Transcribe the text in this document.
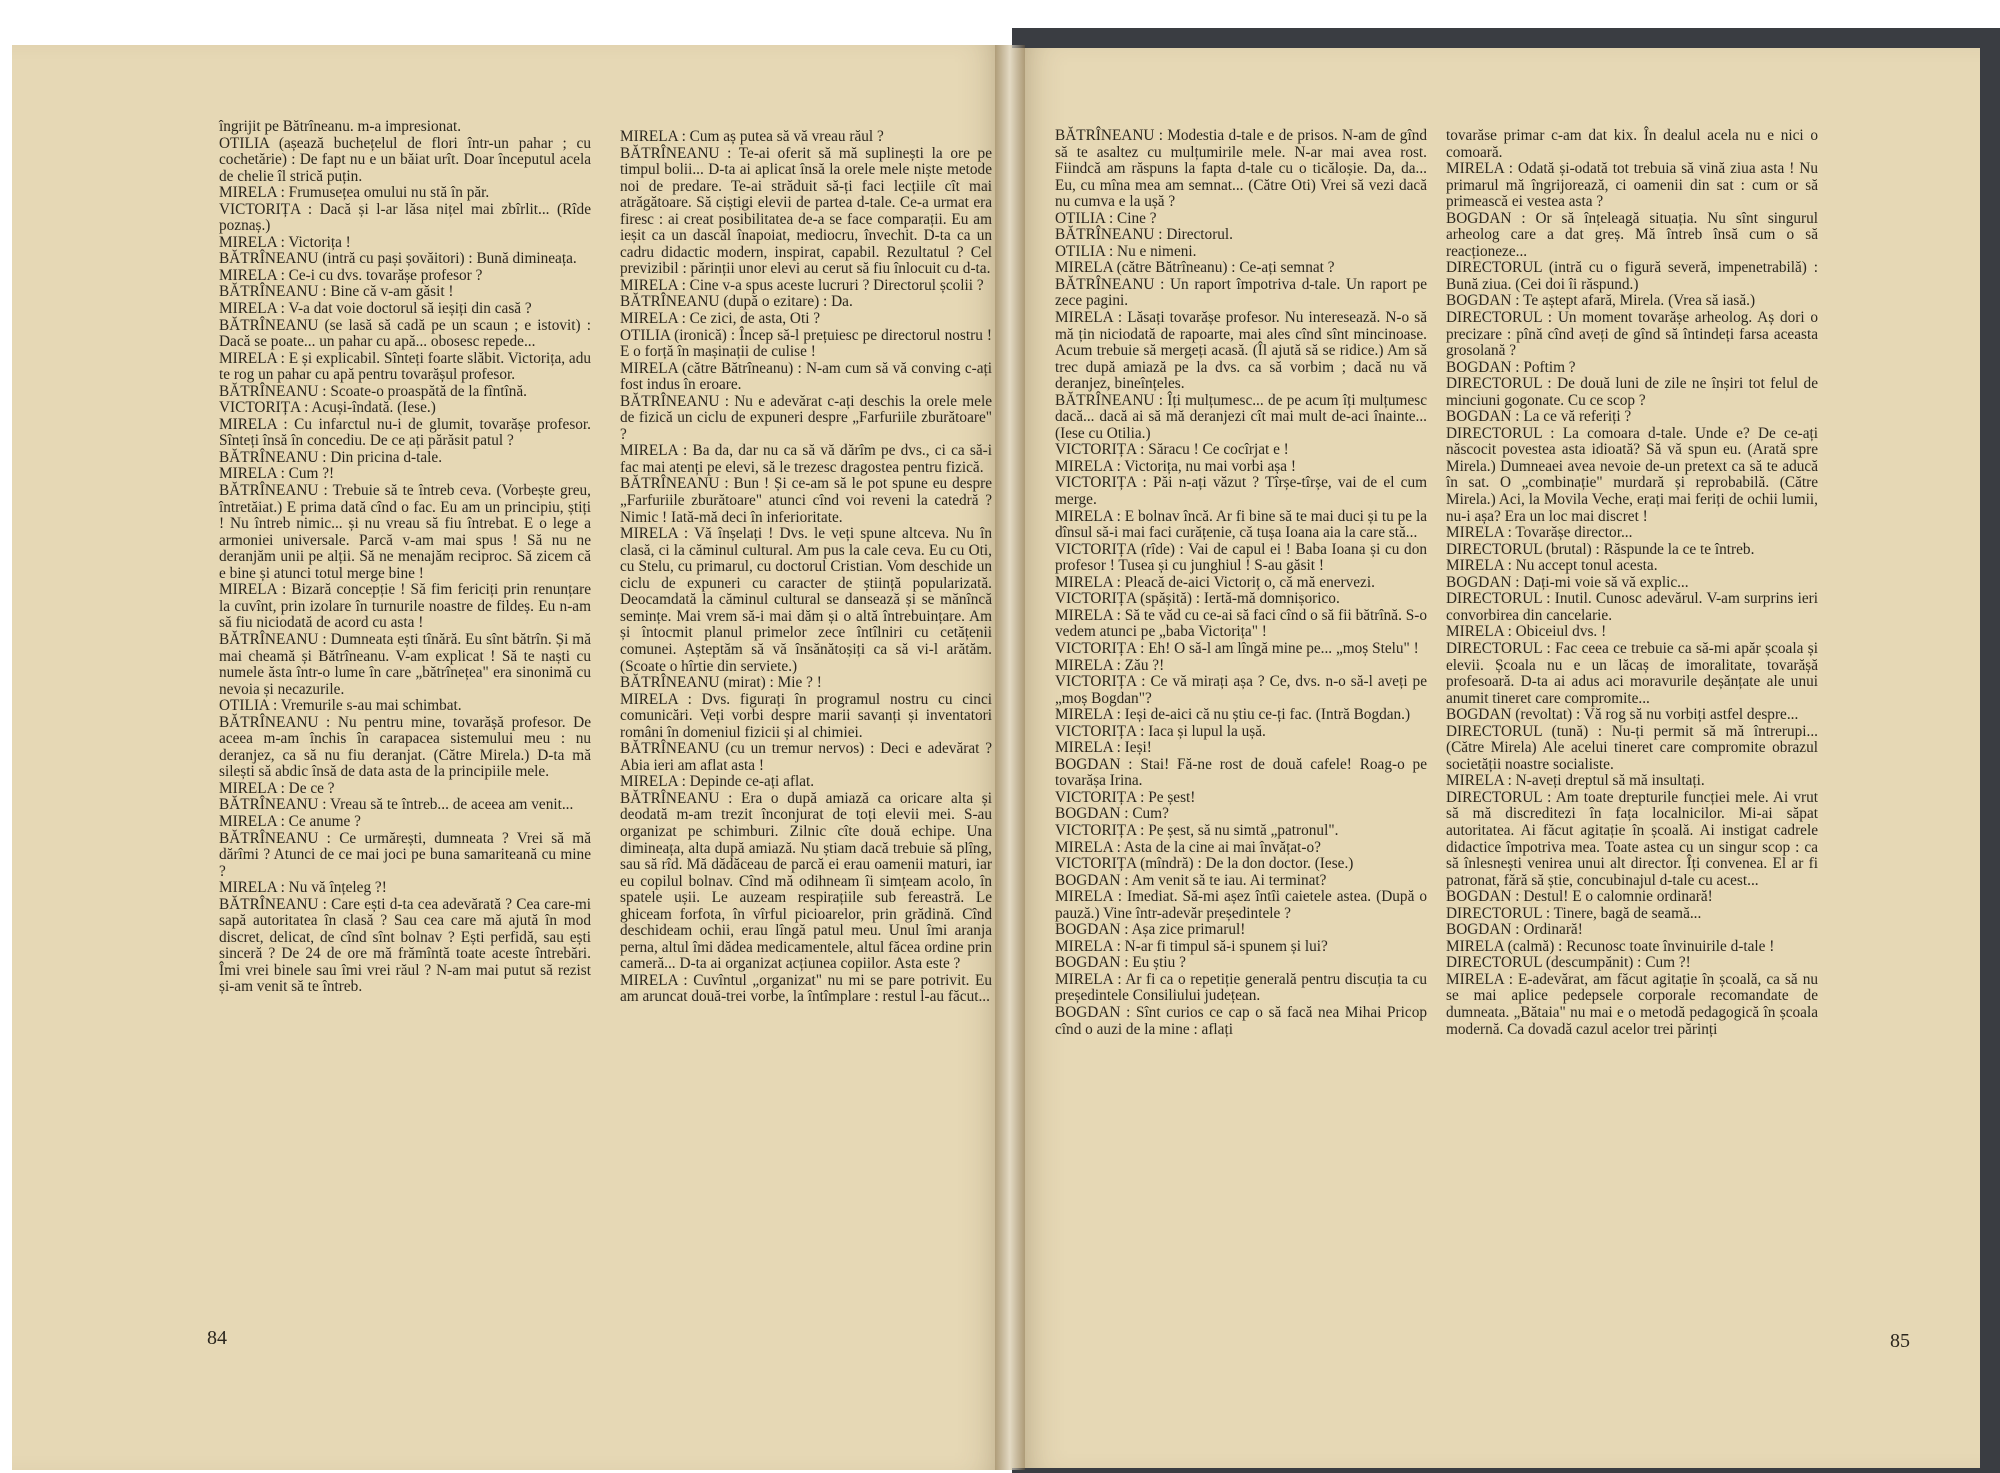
îngrijit pe Bătrîneanu. m-a impresionat.

OTILIA (așează buchețelul de flori într-un pahar ; cu cochetărie) : De fapt nu e un băiat urît. Doar începutul acela de chelie îl strică puțin.

MIRELA : Frumusețea omului nu stă în păr.

VICTORIȚA : Dacă și l-ar lăsa nițel mai zbîrlit... (Rîde poznaș.)

MIRELA : Victorița !

BĂTRÎNEANU (intră cu pași șovăitori) : Bună dimineața.

MIRELA : Ce-i cu dvs. tovarășe profesor ?

BĂTRÎNEANU : Bine că v-am găsit !

MIRELA : V-a dat voie doctorul să ieșiți din casă ?

BĂTRÎNEANU (se lasă să cadă pe un scaun ; e istovit) : Dacă se poate... un pahar cu apă... obosesc repede...

MIRELA : E și explicabil. Sînteți foarte slăbit. Victorița, adu te rog un pahar cu apă pentru tovarășul profesor.

BĂTRÎNEANU : Scoate-o proaspătă de la fîntînă.

VICTORIȚA : Acuși-îndată. (Iese.)

MIRELA : Cu infarctul nu-i de glumit, tovarășe profesor. Sînteți însă în concediu. De ce ați părăsit patul ?

BĂTRÎNEANU : Din pricina d-tale.

MIRELA : Cum ?!

BĂTRÎNEANU : Trebuie să te întreb ceva. (Vorbește greu, întretăiat.) E prima dată cînd o fac. Eu am un principiu, știți ! Nu întreb nimic... și nu vreau să fiu întrebat. E o lege a armoniei universale. Parcă v-am mai spus ! Să nu ne deranjăm unii pe alții. Să ne menajăm reciproc. Să zicem că e bine și atunci totul merge bine !

MIRELA : Bizară concepție ! Să fim fericiți prin renunțare la cuvînt, prin izolare în turnurile noastre de fildeș. Eu n-am să fiu niciodată de acord cu asta !

BĂTRÎNEANU : Dumneata ești tînără. Eu sînt bătrîn. Și mă mai cheamă și Bătrîneanu. V-am explicat ! Să te naști cu numele ăsta într-o lume în care „bătrînețea" era sinonimă cu nevoia și necazurile.

OTILIA : Vremurile s-au mai schimbat.

BĂTRÎNEANU : Nu pentru mine, tovarășă profesor. De aceea m-am închis în carapacea sistemului meu : nu deranjez, ca să nu fiu deranjat. (Către Mirela.) D-ta mă silești să abdic însă de data asta de la principiile mele.

MIRELA : De ce ?

BĂTRÎNEANU : Vreau să te întreb... de aceea am venit...

MIRELA : Ce anume ?

BĂTRÎNEANU : Ce urmărești, dumneata ? Vrei să mă dărîmi ? Atunci de ce mai joci pe buna samariteană cu mine ?

MIRELA : Nu vă înțeleg ?!

BĂTRÎNEANU : Care ești d-ta cea adevărată ? Cea care-mi sapă autoritatea în clasă ? Sau cea care mă ajută în mod discret, delicat, de cînd sînt bolnav ? Ești perfidă, sau ești sinceră ? De 24 de ore mă frămîntă toate aceste întrebări. Îmi vrei binele sau îmi vrei răul ? N-am mai putut să rezist și-am venit să te întreb.

MIRELA : Cum aș putea să vă vreau răul ?

BĂTRÎNEANU : Te-ai oferit să mă suplinești la ore pe timpul bolii... D-ta ai aplicat însă la orele mele niște metode noi de predare. Te-ai străduit să-ți faci lecțiile cît mai atrăgătoare. Să ciștigi elevii de partea d-tale. Ce-a urmat era firesc : ai creat posibilitatea de-a se face comparații. Eu am ieșit ca un dascăl înapoiat, mediocru, învechit. D-ta ca un cadru didactic modern, inspirat, capabil. Rezultatul ? Cel previzibil : părinții unor elevi au cerut să fiu înlocuit cu d-ta.

MIRELA : Cine v-a spus aceste lucruri ? Directorul școlii ?

BĂTRÎNEANU (după o ezitare) : Da.

MIRELA : Ce zici, de asta, Oti ?

OTILIA (ironică) : Încep să-l prețuiesc pe directorul nostru ! E o forță în mașinații de culise !

MIRELA (către Bătrîneanu) : N-am cum să vă conving c-ați fost indus în eroare.

BĂTRÎNEANU : Nu e adevărat c-ați deschis la orele mele de fizică un ciclu de expuneri despre „Farfuriile zburătoare" ?

MIRELA : Ba da, dar nu ca să vă dărîm pe dvs., ci ca să-i fac mai atenți pe elevi, să le trezesc dragostea pentru fizică.

BĂTRÎNEANU : Bun ! Și ce-am să le pot spune eu despre „Farfuriile zburătoare" atunci cînd voi reveni la catedră ? Nimic ! Iată-mă deci în inferioritate.

MIRELA : Vă înșelați ! Dvs. le veți spune altceva. Nu în clasă, ci la căminul cultural. Am pus la cale ceva. Eu cu Oti, cu Stelu, cu primarul, cu doctorul Cristian. Vom deschide un ciclu de expuneri cu caracter de știință popularizată. Deocamdată la căminul cultural se dansează și se mănîncă semințe. Mai vrem să-i mai dăm și o altă întrebuințare. Am și întocmit planul primelor zece întîlniri cu cetățenii comunei. Așteptăm să vă însănătoșiți ca să vi-l arătăm. (Scoate o hîrtie din serviete.)

BĂTRÎNEANU (mirat) : Mie ? !

MIRELA : Dvs. figurați în programul nostru cu cinci comunicări. Veți vorbi despre marii savanți și inventatori români în domeniul fizicii și al chimiei.

BĂTRÎNEANU (cu un tremur nervos) : Deci e adevărat ? Abia ieri am aflat asta !

MIRELA : Depinde ce-ați aflat.

BĂTRÎNEANU : Era o după amiază ca oricare alta și deodată m-am trezit înconjurat de toți elevii mei. S-au organizat pe schimburi. Zilnic cîte două echipe. Una dimineața, alta după amiază. Nu știam dacă trebuie să plîng, sau să rîd. Mă dădăceau de parcă ei erau oamenii maturi, iar eu copilul bolnav. Cînd mă odihneam îi simțeam acolo, în spatele ușii. Le auzeam respirațiile sub fereastră. Le ghiceam forfota, în vîrful picioarelor, prin grădină. Cînd deschideam ochii, erau lîngă patul meu. Unul îmi aranja perna, altul îmi dădea medicamentele, altul făcea ordine prin cameră... D-ta ai organizat acțiunea copiilor. Asta este ?

MIRELA : Cuvîntul „organizat" nu mi se pare potrivit. Eu am aruncat două-trei vorbe, la întîmplare : restul l-au făcut...

84

BĂTRÎNEANU : Modestia d-tale e de prisos. N-am de gînd să te asaltez cu mulțumirile mele. N-ar mai avea rost. Fiindcă am răspuns la fapta d-tale cu o ticăloșie. Da, da... Eu, cu mîna mea am semnat... (Către Oti) Vrei să vezi dacă nu cumva e la ușă ?

OTILIA : Cine ?

BĂTRÎNEANU : Directorul.

OTILIA : Nu e nimeni.

MIRELA (către Bătrîneanu) : Ce-ați semnat ?

BĂTRÎNEANU : Un raport împotriva d-tale. Un raport pe zece pagini.

MIRELA : Lăsați tovarășe profesor. Nu interesează. N-o să mă țin niciodată de rapoarte, mai ales cînd sînt mincinoase. Acum trebuie să mergeți acasă. (Îl ajută să se ridice.) Am să trec după amiază pe la dvs. ca să vorbim ; dacă nu vă deranjez, bineînțeles.

BĂTRÎNEANU : Îți mulțumesc... de pe acum îți mulțumesc dacă... dacă ai să mă deranjezi cît mai mult de-aci înainte... (Iese cu Otilia.)

VICTORIȚA : Săracu ! Ce cocîrjat e !

MIRELA : Victorița, nu mai vorbi așa !

VICTORIȚA : Păi n-ați văzut ? Tîrșe-tîrșe, vai de el cum merge.

MIRELA : E bolnav încă. Ar fi bine să te mai duci și tu pe la dînsul să-i mai faci curățenie, că tușa Ioana aia la care stă...

VICTORIȚA (rîde) : Vai de capul ei ! Baba Ioana și cu don profesor ! Tusea și cu junghiul ! S-au găsit !

MIRELA : Pleacă de-aici Victoriț o, că mă enervezi.

VICTORIȚA (spășită) : Iertă-mă domnișorico.

MIRELA : Să te văd cu ce-ai să faci cînd o să fii bătrînă. S-o vedem atunci pe „baba Victorița" !

VICTORIȚA : Eh! O să-l am lîngă mine pe... „moș Stelu" !

MIRELA : Zău ?!

VICTORIȚA : Ce vă mirați așa ? Ce, dvs. n-o să-l aveți pe „moș Bogdan"?

MIRELA : Ieși de-aici că nu știu ce-ți fac. (Intră Bogdan.)

VICTORIȚA : Iaca și lupul la ușă.

MIRELA : Ieși!

BOGDAN : Stai! Fă-ne rost de două cafele! Roag-o pe tovarășa Irina.

VICTORIȚA : Pe șest!

BOGDAN : Cum?

VICTORIȚA : Pe șest, să nu simtă „patronul".

MIRELA : Asta de la cine ai mai învățat-o?

VICTORIȚA (mîndră) : De la don doctor. (Iese.)

BOGDAN : Am venit să te iau. Ai terminat?

MIRELA : Imediat. Să-mi așez întîi caietele astea. (După o pauză.) Vine într-adevăr președintele ?

BOGDAN : Așa zice primarul!

MIRELA : N-ar fi timpul să-i spunem și lui?

BOGDAN : Eu știu ?

MIRELA : Ar fi ca o repetiție generală pentru discuția ta cu președintele Consiliului județean.

BOGDAN : Sînt curios ce cap o să facă nea Mihai Pricop cînd o auzi de la mine : aflați

tovarăse primar c-am dat kix. În dealul acela nu e nici o comoară.

MIRELA : Odată și-odată tot trebuia să vină ziua asta ! Nu primarul mă îngrijorează, ci oamenii din sat : cum or să primească ei vestea asta ?

BOGDAN : Or să înțeleagă situația. Nu sînt singurul arheolog care a dat greș. Mă întreb însă cum o să reacționeze...

DIRECTORUL (intră cu o figură severă, impenetrabilă) : Bună ziua. (Cei doi îi răspund.)

BOGDAN : Te aștept afară, Mirela. (Vrea să iasă.)

DIRECTORUL : Un moment tovarășe arheolog. Aș dori o precizare : pînă cînd aveți de gînd să întindeți farsa aceasta grosolană ?

BOGDAN : Poftim ?

DIRECTORUL : De două luni de zile ne înșiri tot felul de minciuni gogonate. Cu ce scop ?

BOGDAN : La ce vă referiți ?

DIRECTORUL : La comoara d-tale. Unde e? De ce-ați născocit povestea asta idioată? Să vă spun eu. (Arată spre Mirela.) Dumneaei avea nevoie de-un pretext ca să te aducă în sat. O „combinație" murdară și reprobabilă. (Către Mirela.) Aci, la Movila Veche, erați mai feriți de ochii lumii, nu-i așa? Era un loc mai discret !

MIRELA : Tovarășe director...

DIRECTORUL (brutal) : Răspunde la ce te întreb.

MIRELA : Nu accept tonul acesta.

BOGDAN : Dați-mi voie să vă explic...

DIRECTORUL : Inutil. Cunosc adevărul. V-am surprins ieri convorbirea din cancelarie.

MIRELA : Obiceiul dvs. !

DIRECTORUL : Fac ceea ce trebuie ca să-mi apăr școala și elevii. Școala nu e un lăcaș de imoralitate, tovarășă profesoară. D-ta ai adus aci moravurile deșănțate ale unui anumit tineret care compromite...

BOGDAN (revoltat) : Vă rog să nu vorbiți astfel despre...

DIRECTORUL (tună) : Nu-ți permit să mă întrerupi... (Către Mirela) Ale acelui tineret care compromite obrazul societății noastre socialiste.

MIRELA : N-aveți dreptul să mă insultați.

DIRECTORUL : Am toate drepturile funcției mele. Ai vrut să mă discreditezi în fața localnicilor. Mi-ai săpat autoritatea. Ai făcut agitație în școală. Ai instigat cadrele didactice împotriva mea. Toate astea cu un singur scop : ca să înlesnești venirea unui alt director. Îți convenea. El ar fi patronat, fără să știe, concubinajul d-tale cu acest...

BOGDAN : Destul! E o calomnie ordinară!

DIRECTORUL : Tinere, bagă de seamă...

BOGDAN : Ordinară!

MIRELA (calmă) : Recunosc toate învinuirile d-tale !

DIRECTORUL (descumpănit) : Cum ?!

MIRELA : E-adevărat, am făcut agitație în școală, ca să nu se mai aplice pedepsele corporale recomandate de dumneata. „Bătaia" nu mai e o metodă pedagogică în școala modernă. Ca dovadă cazul acelor trei părinți

85
